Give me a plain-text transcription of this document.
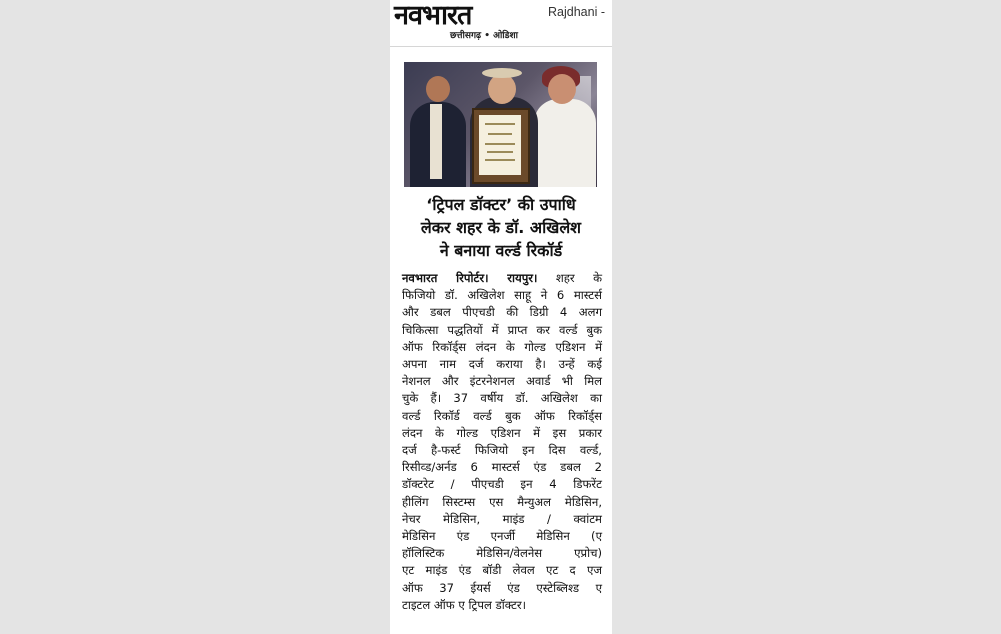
नवभारत
छत्तीसगढ़ • ओडिशा
Rajdhani -
‘ट्रिपल डॉक्टर’ की उपाधि
लेकर शहर के डॉ. अखिलेश
ने बनाया वर्ल्ड रिकॉर्ड
नवभारत रिपोर्टर। रायपुर। शहर के
फिजियो डॉ. अखिलेश साहू ने 6 मास्टर्स
और डबल पीएचडी की डिग्री 4 अलग
चिकित्सा पद्धतियों में प्राप्त कर वर्ल्ड बुक
ऑफ रिकॉर्ड्स लंदन के गोल्ड एडिशन में
अपना नाम दर्ज कराया है। उन्हें कई
नेशनल और इंटरनेशनल अवार्ड भी मिल
चुके हैं। 37 वर्षीय डॉ. अखिलेश का
वर्ल्ड रिकॉर्ड वर्ल्ड बुक ऑफ रिकॉर्ड्स
लंदन के गोल्ड एडिशन में इस प्रकार
दर्ज है-फर्स्ट फिजियो इन दिस वर्ल्ड,
रिसीव्ड/अर्नड 6 मास्टर्स एंड डबल 2
डॉक्टरेट / पीएचडी इन 4 डिफरेंट
हीलिंग सिस्टम्स एस मैन्युअल मेडिसिन,
नेचर मेडिसिन, माइंड / क्वांटम
मेडिसिन एंड एनर्जी मेडिसिन (ए
हॉलिस्टिक मेडिसिन/वेलनेस एप्रोच)
एट माइंड एंड बॉडी लेवल एट द एज
ऑफ 37 ईयर्स एंड एस्टेब्लिश्ड ए
टाइटल ऑफ ए ट्रिपल डॉक्टर।
